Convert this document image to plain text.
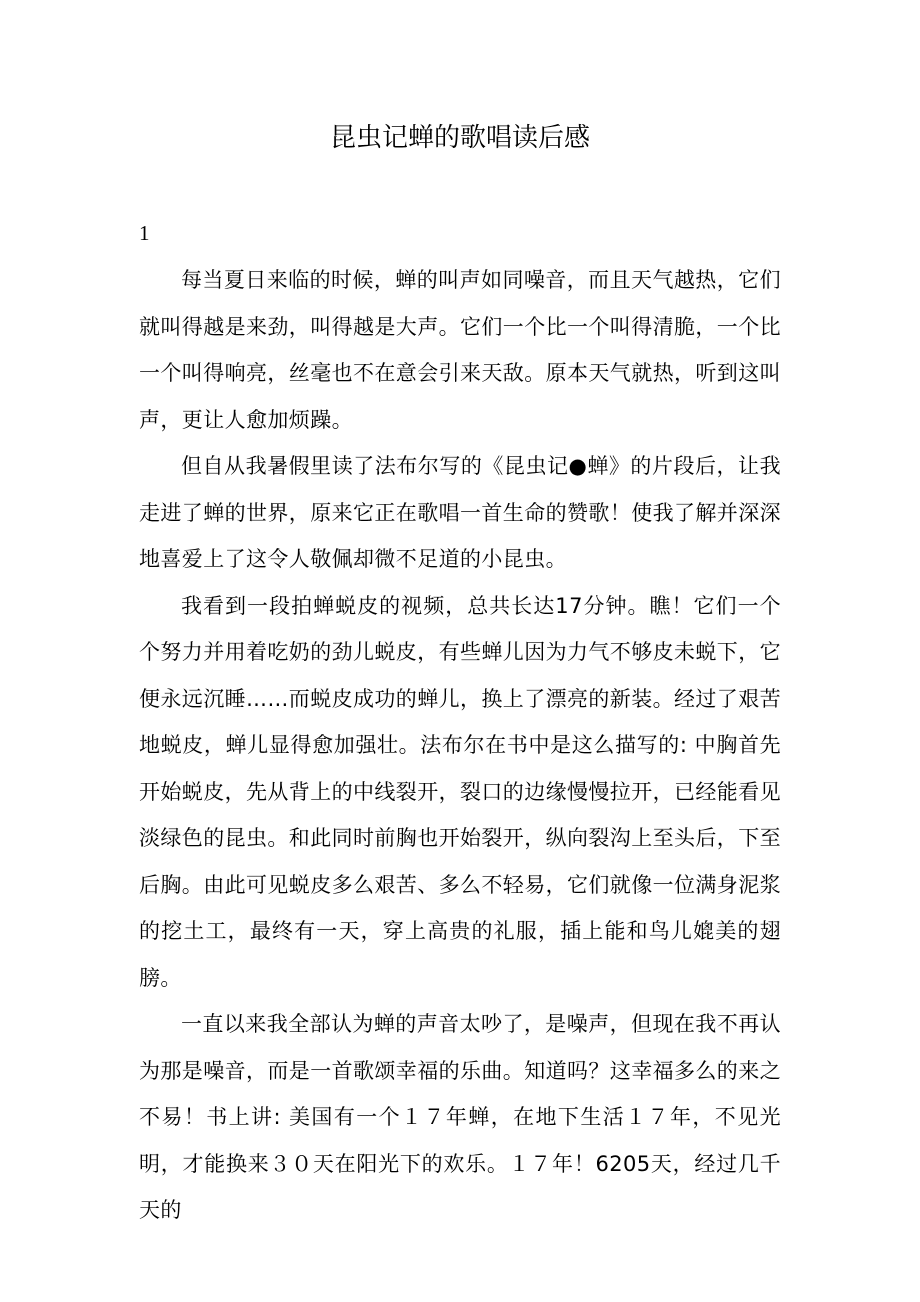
昆虫记蝉的歌唱读后感

1

每当夏日来临的时候，蝉的叫声如同噪音，而且天气越热，它们就叫得越是来劲，叫得越是大声。它们一个比一个叫得清脆，一个比一个叫得响亮，丝毫也不在意会引来天敌。原本天气就热，听到这叫声，更让人愈加烦躁。

但自从我暑假里读了法布尔写的《昆虫记●蝉》的片段后，让我走进了蝉的世界，原来它正在歌唱一首生命的赞歌！使我了解并深深地喜爱上了这令人敬佩却微不足道的小昆虫。

我看到一段拍蝉蜕皮的视频，总共长达17分钟。瞧！它们一个个努力并用着吃奶的劲儿蜕皮，有些蝉儿因为力气不够皮未蜕下，它便永远沉睡……而蜕皮成功的蝉儿，换上了漂亮的新装。经过了艰苦地蜕皮，蝉儿显得愈加强壮。法布尔在书中是这么描写的: 中胸首先开始蜕皮，先从背上的中线裂开，裂口的边缘慢慢拉开，已经能看见淡绿色的昆虫。和此同时前胸也开始裂开，纵向裂沟上至头后，下至后胸。由此可见蜕皮多么艰苦、多么不轻易，它们就像一位满身泥浆的挖土工，最终有一天，穿上高贵的礼服，插上能和鸟儿媲美的翅膀。

一直以来我全部认为蝉的声音太吵了，是噪声，但现在我不再认为那是噪音，而是一首歌颂幸福的乐曲。知道吗？这幸福多么的来之不易！书上讲: 美国有一个１７年蝉，在地下生活１７年，不见光明，才能换来３０天在阳光下的欢乐。１７年！6205天，经过几千天的
